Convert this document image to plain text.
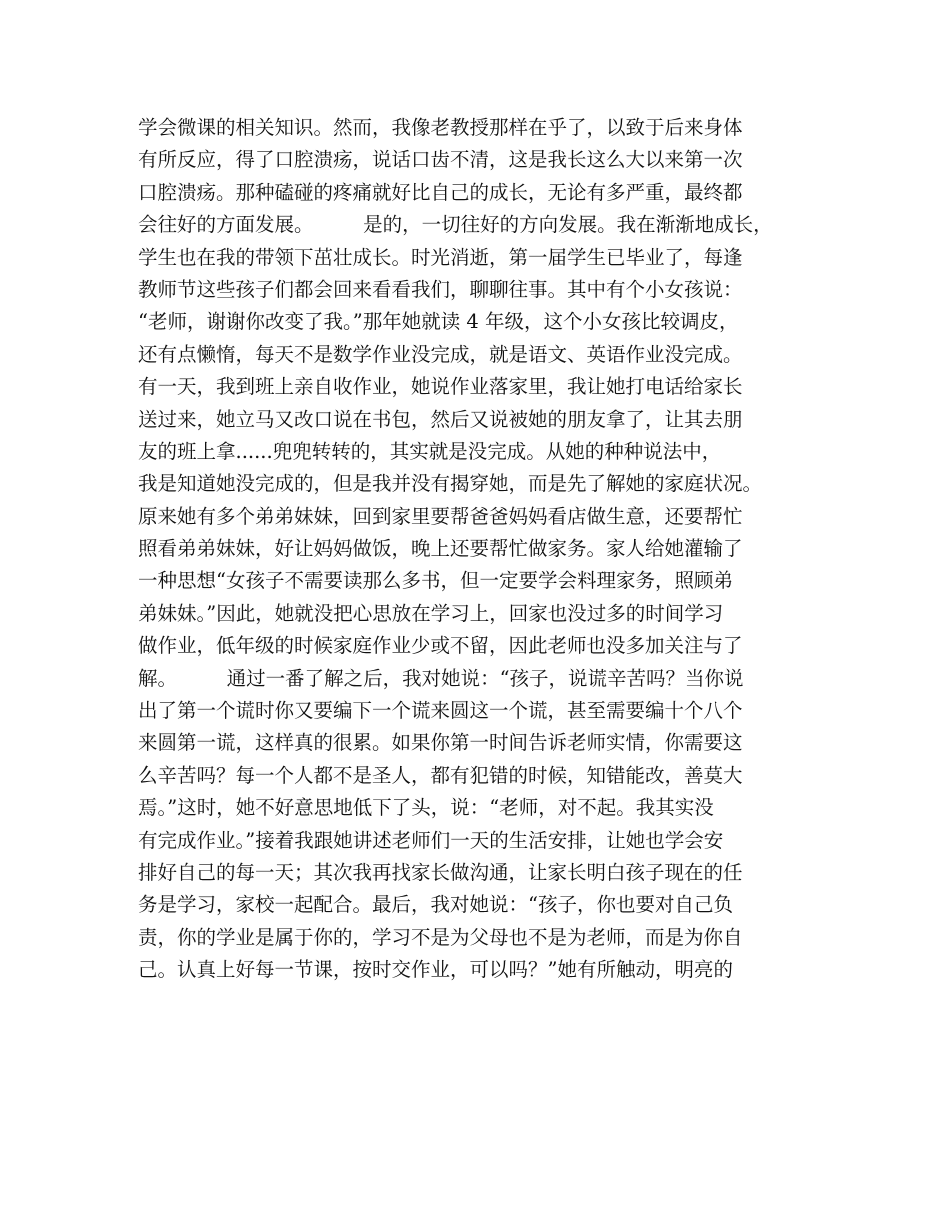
学会微课的相关知识。然而，我像老教授那样在乎了，以致于后来身体
有所反应，得了口腔溃疡，说话口齿不清，这是我长这么大以来第一次
口腔溃疡。那种磕碰的疼痛就好比自己的成长，无论有多严重，最终都
会往好的方面发展。        是的，一切往好的方向发展。我在渐渐地成长，
学生也在我的带领下茁壮成长。时光消逝，第一届学生已毕业了，每逢
教师节这些孩子们都会回来看看我们，聊聊往事。其中有个小女孩说：
“老师，谢谢你改变了我。”那年她就读 4 年级，这个小女孩比较调皮，
还有点懒惰，每天不是数学作业没完成，就是语文、英语作业没完成。
有一天，我到班上亲自收作业，她说作业落家里，我让她打电话给家长
送过来，她立马又改口说在书包，然后又说被她的朋友拿了，让其去朋
友的班上拿......兜兜转转的，其实就是没完成。从她的种种说法中，
我是知道她没完成的，但是我并没有揭穿她，而是先了解她的家庭状况。
原来她有多个弟弟妹妹，回到家里要帮爸爸妈妈看店做生意，还要帮忙
照看弟弟妹妹，好让妈妈做饭，晚上还要帮忙做家务。家人给她灌输了
一种思想“女孩子不需要读那么多书，但一定要学会料理家务，照顾弟
弟妹妹。”因此，她就没把心思放在学习上，回家也没过多的时间学习
做作业，低年级的时候家庭作业少或不留，因此老师也没多加关注与了
解。        通过一番了解之后，我对她说：“孩子，说谎辛苦吗？当你说
出了第一个谎时你又要编下一个谎来圆这一个谎，甚至需要编十个八个
来圆第一谎，这样真的很累。如果你第一时间告诉老师实情，你需要这
么辛苦吗？每一个人都不是圣人，都有犯错的时候，知错能改，善莫大
焉。”这时，她不好意思地低下了头，说：“老师，对不起。我其实没
有完成作业。”接着我跟她讲述老师们一天的生活安排，让她也学会安
排好自己的每一天；其次我再找家长做沟通，让家长明白孩子现在的任
务是学习，家校一起配合。最后，我对她说：“孩子，你也要对自己负
责，你的学业是属于你的，学习不是为父母也不是为老师，而是为你自
己。认真上好每一节课，按时交作业，可以吗？”她有所触动，明亮的
